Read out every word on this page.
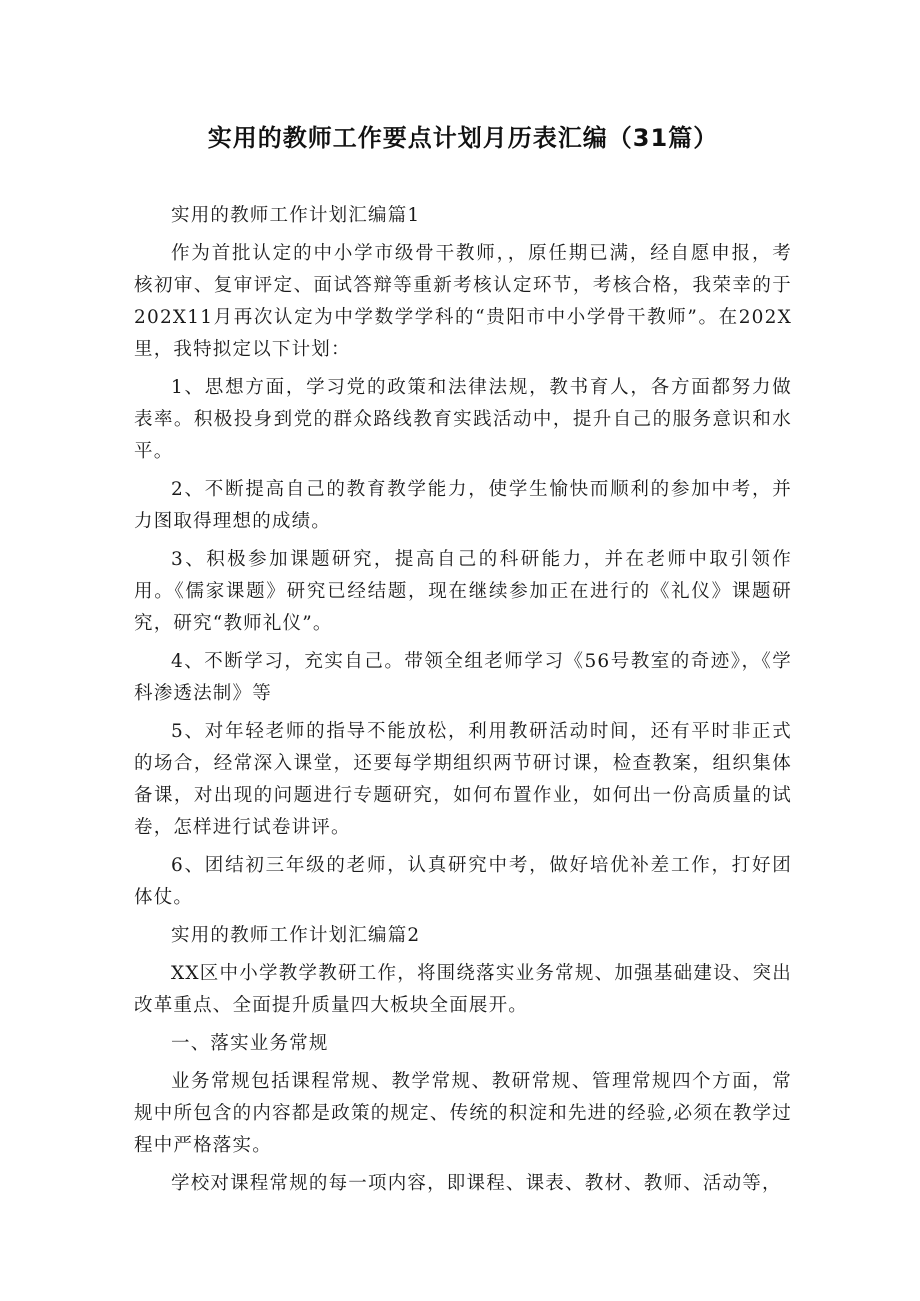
实用的教师工作要点计划月历表汇编（31篇）

实用的教师工作计划汇编篇1

作为首批认定的中小学市级骨干教师，，原任期已满，经自愿申报，考核初审、复审评定、面试答辩等重新考核认定环节，考核合格，我荣幸的于202X11月再次认定为中学数学学科的“贵阳市中小学骨干教师”。在202X里，我特拟定以下计划：

1、思想方面，学习党的政策和法律法规，教书育人，各方面都努力做表率。积极投身到党的群众路线教育实践活动中，提升自己的服务意识和水平。

2、不断提高自己的教育教学能力，使学生愉快而顺利的参加中考，并力图取得理想的成绩。

3、积极参加课题研究，提高自己的科研能力，并在老师中取引领作用。《儒家课题》研究已经结题，现在继续参加正在进行的《礼仪》课题研究，研究“教师礼仪”。

4、不断学习，充实自己。带领全组老师学习《56号教室的奇迹》，《学科渗透法制》等

5、对年轻老师的指导不能放松，利用教研活动时间，还有平时非正式的场合，经常深入课堂，还要每学期组织两节研讨课，检查教案，组织集体备课，对出现的问题进行专题研究，如何布置作业，如何出一份高质量的试卷，怎样进行试卷讲评。

6、团结初三年级的老师，认真研究中考，做好培优补差工作，打好团体仗。

实用的教师工作计划汇编篇2

XX区中小学教学教研工作，将围绕落实业务常规、加强基础建设、突出改革重点、全面提升质量四大板块全面展开。

一、落实业务常规

业务常规包括课程常规、教学常规、教研常规、管理常规四个方面，常规中所包含的内容都是政策的规定、传统的积淀和先进的经验,必须在教学过程中严格落实。

学校对课程常规的每一项内容，即课程、课表、教材、教师、活动等，
